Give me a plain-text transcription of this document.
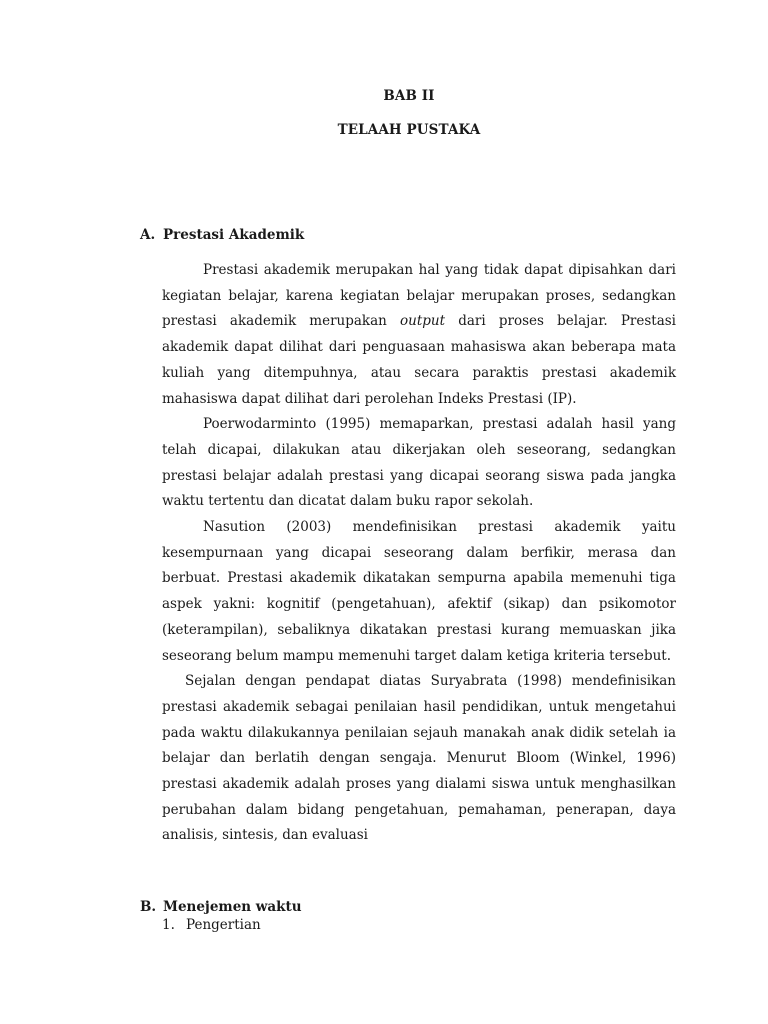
BAB II
TELAAH PUSTAKA
A. Prestasi Akademik

Prestasi akademik merupakan hal yang tidak dapat dipisahkan dari kegiatan belajar, karena kegiatan belajar merupakan proses, sedangkan prestasi akademik merupakan output dari proses belajar. Prestasi akademik dapat dilihat dari penguasaan mahasiswa akan beberapa mata kuliah yang ditempuhnya, atau secara paraktis prestasi akademik mahasiswa dapat dilihat dari perolehan Indeks Prestasi (IP).

Poerwodarminto (1995) memaparkan, prestasi adalah hasil yang telah dicapai, dilakukan atau dikerjakan oleh seseorang, sedangkan prestasi belajar adalah prestasi yang dicapai seorang siswa pada jangka waktu tertentu dan dicatat dalam buku rapor sekolah.

Nasution (2003) mendefinisikan prestasi akademik yaitu kesempurnaan yang dicapai seseorang dalam berfikir, merasa dan berbuat. Prestasi akademik dikatakan sempurna apabila memenuhi tiga aspek yakni: kognitif (pengetahuan), afektif (sikap) dan psikomotor (keterampilan), sebaliknya dikatakan prestasi kurang memuaskan jika seseorang belum mampu memenuhi target dalam ketiga kriteria tersebut.

Sejalan dengan pendapat diatas Suryabrata (1998) mendefinisikan prestasi akademik sebagai penilaian hasil pendidikan, untuk mengetahui pada waktu dilakukannya penilaian sejauh manakah anak didik setelah ia belajar dan berlatih dengan sengaja. Menurut Bloom (Winkel, 1996) prestasi akademik adalah proses yang dialami siswa untuk menghasilkan perubahan dalam bidang pengetahuan, pemahaman, penerapan, daya analisis, sintesis, dan evaluasi

B. Menejemen waktu
1. Pengertian
